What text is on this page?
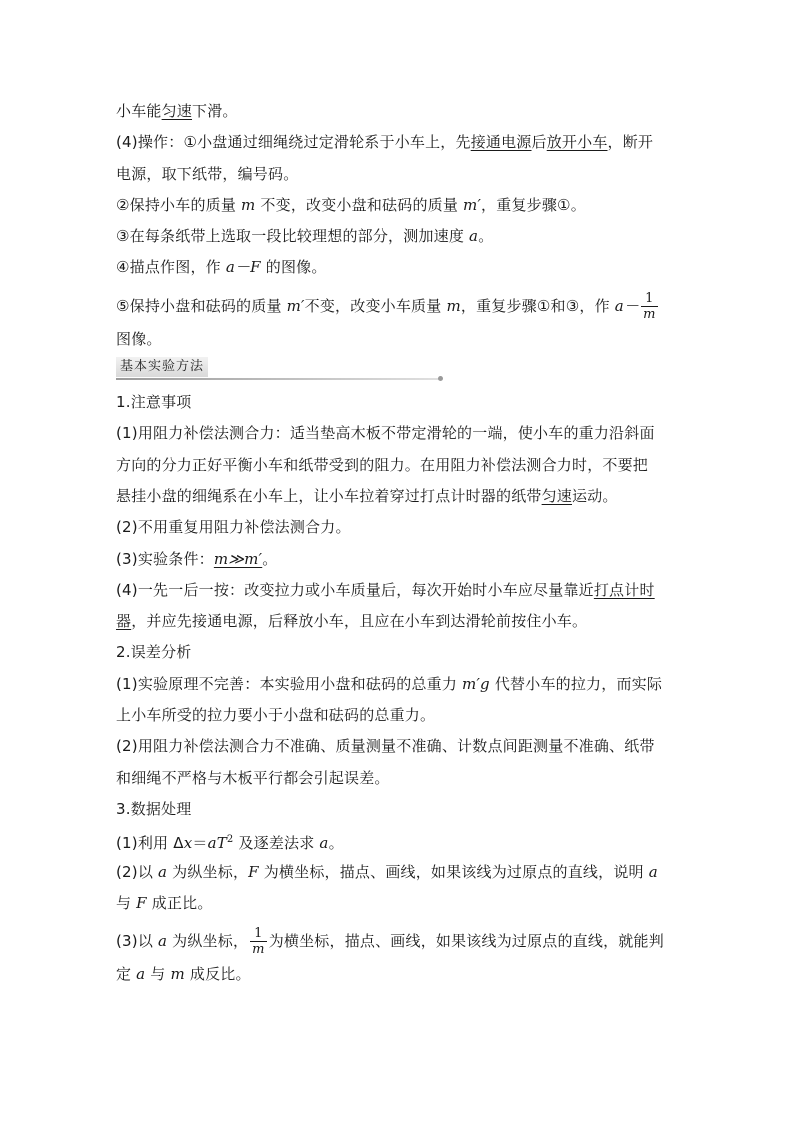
小车能匀速下滑。
(4)操作：①小盘通过细绳绕过定滑轮系于小车上，先接通电源后放开小车，断开
电源，取下纸带，编号码。
②保持小车的质量 m 不变，改变小盘和砝码的质量 m′，重复步骤①。
③在每条纸带上选取一段比较理想的部分，测加速度 a。
④描点作图，作 a－F 的图像。
⑤保持小盘和砝码的质量 m′不变，改变小车质量 m，重复步骤①和③，作 $a- \frac{1}{m}$
图像。
基本实验方法
1.注意事项
(1)用阻力补偿法测合力：适当垫高木板不带定滑轮的一端，使小车的重力沿斜面
方向的分力正好平衡小车和纸带受到的阻力。在用阻力补偿法测合力时，不要把
悬挂小盘的细绳系在小车上，让小车拉着穿过打点计时器的纸带匀速运动。
(2)不用重复用阻力补偿法测合力。
(3)实验条件：m≫m′。
(4)一先一后一按：改变拉力或小车质量后，每次开始时小车应尽量靠近打点计时
器，并应先接通电源，后释放小车，且应在小车到达滑轮前按住小车。
2.误差分析
(1)实验原理不完善：本实验用小盘和砝码的总重力 m′g 代替小车的拉力，而实际
上小车所受的拉力要小于小盘和砝码的总重力。
(2)用阻力补偿法测合力不准确、质量测量不准确、计数点间距测量不准确、纸带
和细绳不严格与木板平行都会引起误差。
3.数据处理
(1)利用 $\Delta x=aT^2$ 及逐差法求 a。
(2)以 a 为纵坐标，F 为横坐标，描点、画线，如果该线为过原点的直线，说明 a
与 F 成正比。
(3)以 a 为纵坐标， $\frac{1}{m}$ 为横坐标，描点、画线，如果该线为过原点的直线，就能判
定 a 与 m 成反比。
